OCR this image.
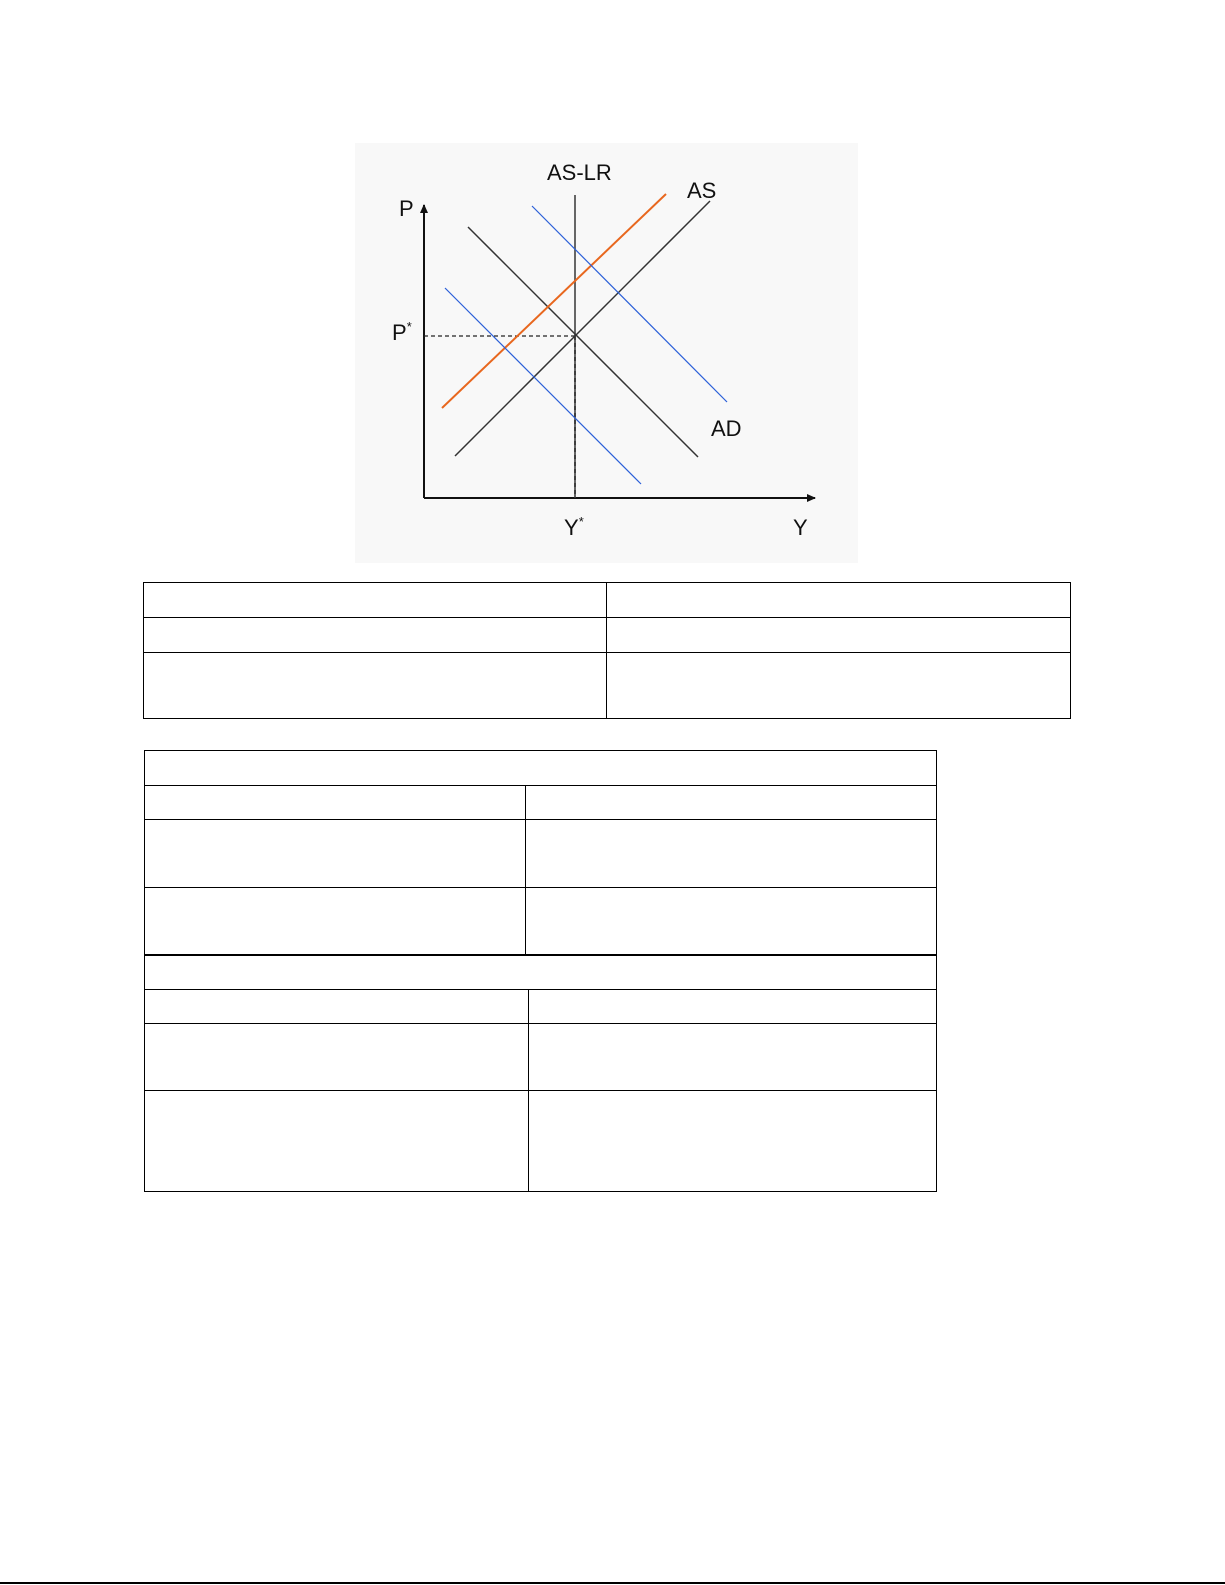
AS-LR
AS
AD
P
P*
Y*	Y
